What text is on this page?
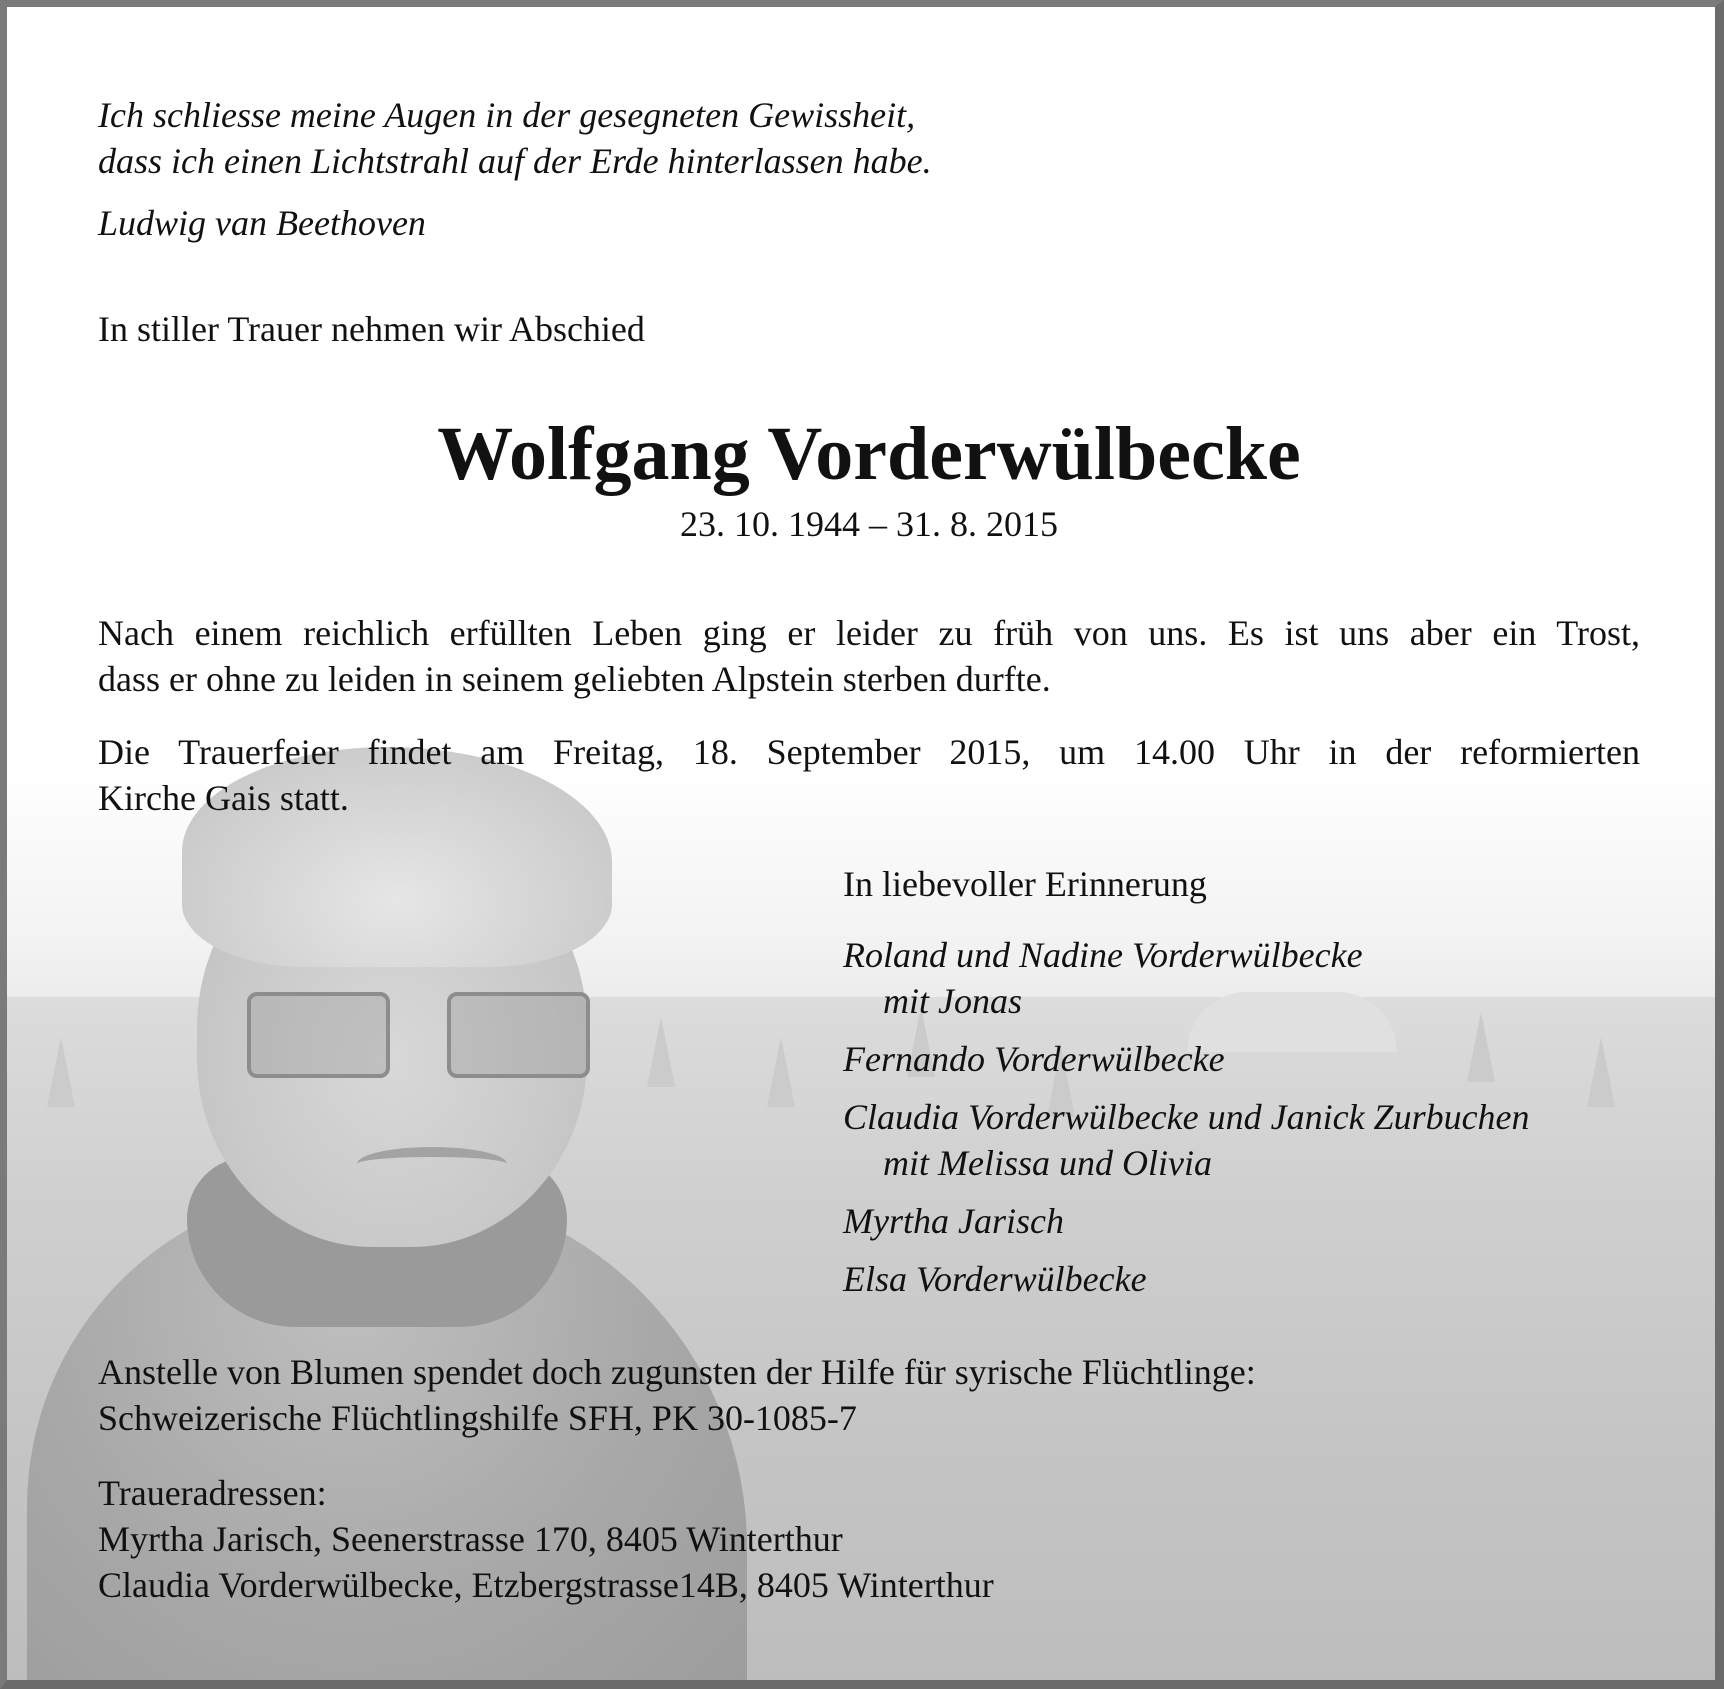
Ich schliesse meine Augen in der gesegneten Gewissheit,
dass ich einen Lichtstrahl auf der Erde hinterlassen habe.
Ludwig van Beethoven
In stiller Trauer nehmen wir Abschied
Wolfgang Vorderwülbecke
23. 10. 1944 – 31. 8. 2015
Nach einem reichlich erfüllten Leben ging er leider zu früh von uns. Es ist uns aber ein Trost,
dass er ohne zu leiden in seinem geliebten Alpstein sterben durfte.
Die Trauerfeier findet am Freitag, 18. September 2015, um 14.00 Uhr in der reformierten
Kirche Gais statt.
In liebevoller Erinnerung
Roland und Nadine Vorderwülbecke
mit Jonas
Fernando Vorderwülbecke
Claudia Vorderwülbecke und Janick Zurbuchen
mit Melissa und Olivia
Myrtha Jarisch
Elsa Vorderwülbecke
Anstelle von Blumen spendet doch zugunsten der Hilfe für syrische Flüchtlinge:
Schweizerische Flüchtlingshilfe SFH, PK 30-1085-7
Traueradressen:
Myrtha Jarisch, Seenerstrasse 170, 8405 Winterthur
Claudia Vorderwülbecke, Etzbergstrasse14B, 8405 Winterthur
